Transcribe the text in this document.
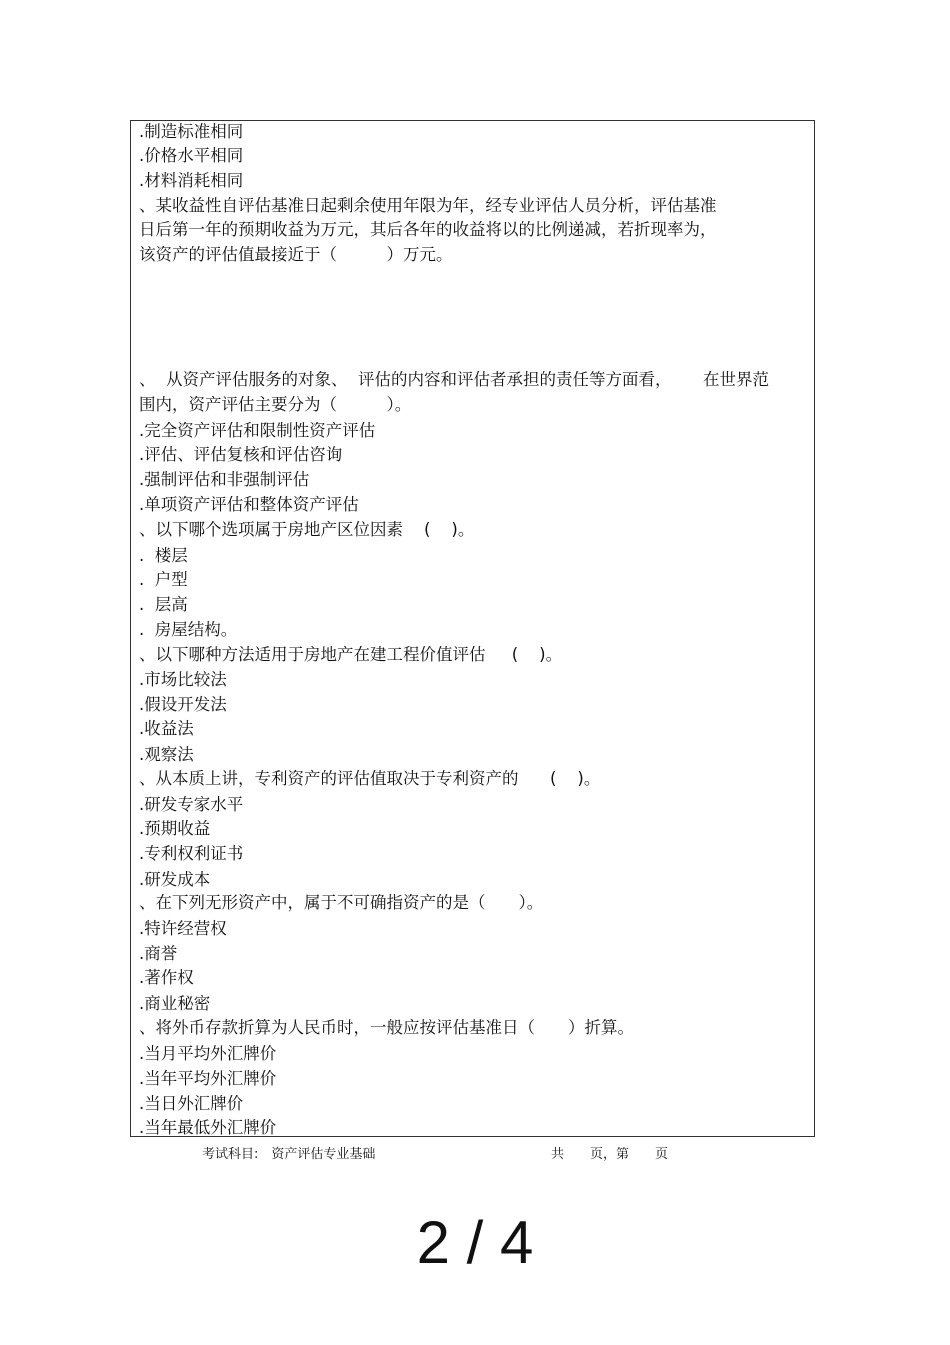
.制造标准相同
.价格水平相同
.材料消耗相同
、某收益性自评估基准日起剩余使用年限为年，经专业评估人员分析，评估基准
日后第一年的预期收益为万元，其后各年的收益将以的比例递减，若折现率为，
该资产的评估值最接近于（　　　）万元。
、  从资产评估服务的对象、  评估的内容和评估者承担的责任等方面看，      在世界范
围内，资产评估主要分为（　　　）。
.完全资产评估和限制性资产评估
.评估、评估复核和评估咨询
.强制评估和非强制评估
.单项资产评估和整体资产评估
、以下哪个选项属于房地产区位因素    (    )。
.  楼层
.  户型
.  层高
.  房屋结构。
、以下哪种方法适用于房地产在建工程价值评估     (    )。
.市场比较法
.假设开发法
.收益法
.观察法
、从本质上讲，专利资产的评估值取决于专利资产的      (    )。
.研发专家水平
.预期收益
.专利权利证书
.研发成本
、在下列无形资产中，属于不可确指资产的是（　　）。
.特许经营权
.商誉
.著作权
.商业秘密
、将外币存款折算为人民币时，一般应按评估基准日（　　）折算。
.当月平均外汇牌价
.当年平均外汇牌价
.当日外汇牌价
.当年最低外汇牌价
考试科目:　资产评估专业基础	共　　页，第　　页
2 / 4
